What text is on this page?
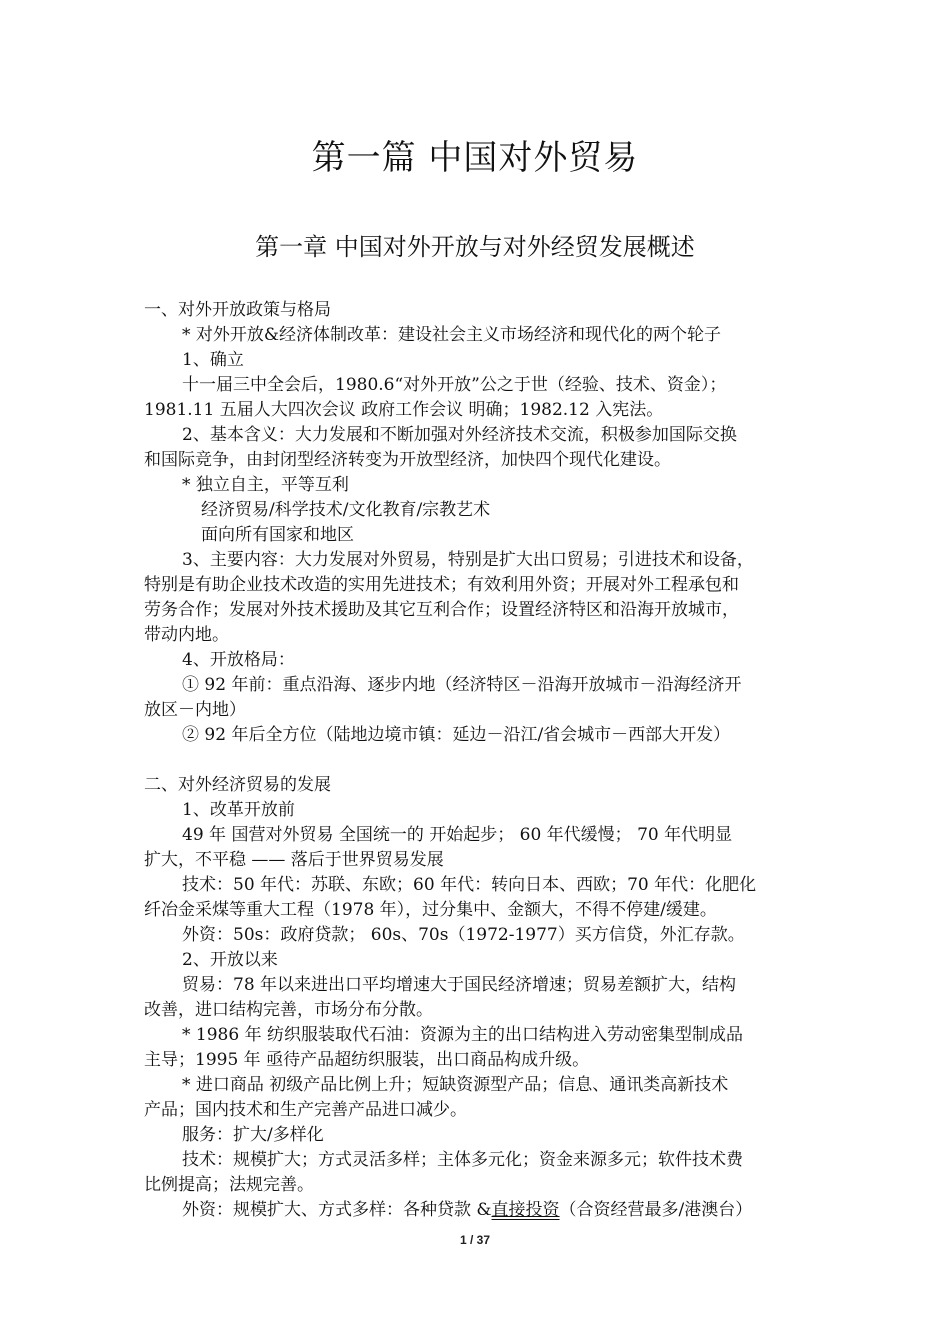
第一篇 中国对外贸易
第一章 中国对外开放与对外经贸发展概述
一、对外开放政策与格局
* 对外开放&经济体制改革：建设社会主义市场经济和现代化的两个轮子
1、确立
十一届三中全会后，1980.6“对外开放”公之于世（经验、技术、资金）；
1981.11 五届人大四次会议 政府工作会议 明确；1982.12 入宪法。
2、基本含义：大力发展和不断加强对外经济技术交流，积极参加国际交换
和国际竞争，由封闭型经济转变为开放型经济，加快四个现代化建设。
* 独立自主，平等互利
经济贸易/科学技术/文化教育/宗教艺术
面向所有国家和地区
3、主要内容：大力发展对外贸易，特别是扩大出口贸易；引进技术和设备，
特别是有助企业技术改造的实用先进技术；有效利用外资；开展对外工程承包和
劳务合作；发展对外技术援助及其它互利合作；设置经济特区和沿海开放城市，
带动内地。
4、开放格局：
① 92 年前：重点沿海、逐步内地（经济特区－沿海开放城市－沿海经济开
放区－内地）
② 92 年后全方位（陆地边境市镇：延边－沿江/省会城市－西部大开发）
二、对外经济贸易的发展
1、改革开放前
49 年 国营对外贸易 全国统一的 开始起步； 60 年代缓慢； 70 年代明显
扩大，不平稳 —— 落后于世界贸易发展
技术：50 年代：苏联、东欧；60 年代：转向日本、西欧；70 年代：化肥化
纤冶金采煤等重大工程（1978 年），过分集中、金额大，不得不停建/缓建。
外资：50s：政府贷款； 60s、70s（1972-1977）买方信贷，外汇存款。
2、开放以来
贸易：78 年以来进出口平均增速大于国民经济增速；贸易差额扩大，结构
改善，进口结构完善，市场分布分散。
* 1986 年 纺织服装取代石油：资源为主的出口结构进入劳动密集型制成品
主导；1995 年 亟待产品超纺织服装，出口商品构成升级。
* 进口商品 初级产品比例上升；短缺资源型产品；信息、通讯类高新技术
产品；国内技术和生产完善产品进口减少。
服务：扩大/多样化
技术：规模扩大；方式灵活多样；主体多元化；资金来源多元；软件技术费
比例提高；法规完善。
外资：规模扩大、方式多样：各种贷款 &直接投资（合资经营最多/港澳台）
1 / 37
